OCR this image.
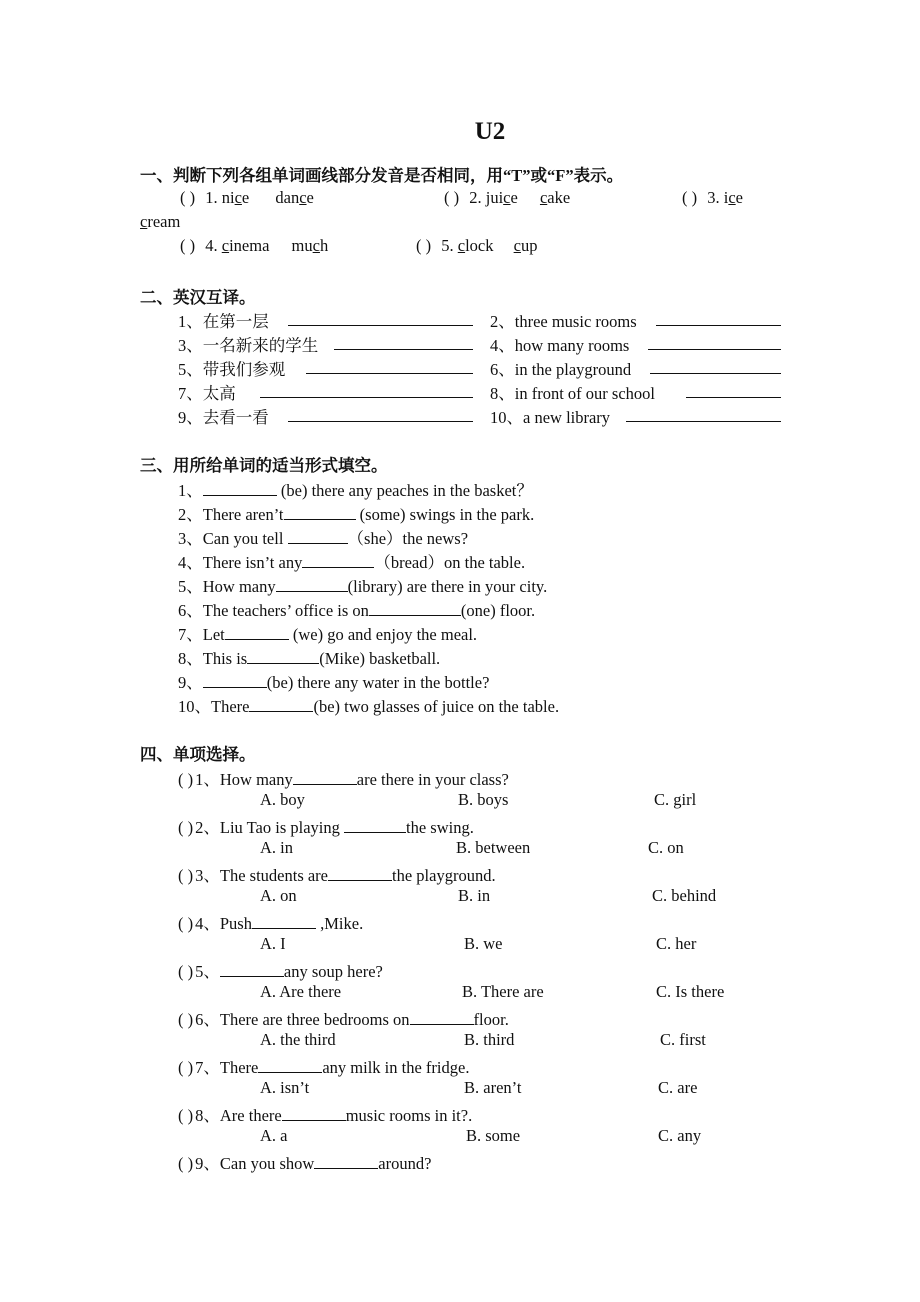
U2
一、判断下列各组单词画线部分发音是否相同，用“T”或“F”表示。
( ) 1. nice dance	( ) 2. juice cake	( ) 3. ice
cream
( ) 4. cinema much	( ) 5. clock cup
二、英汉互译。
1、在第一层	2、three music rooms
3、一名新来的学生	4、how many rooms
5、带我们参观	6、in the playground
7、太高	8、in front of our school
9、去看一看	10、a new library
三、用所给单词的适当形式填空。
1、	(be) there any peaches in the basket？
2、There aren’t	(some) swings in the park.
3、Can you tell	（she）the news?
4、There isn’t any	（bread）on the table.
5、How many	(library) are there in your city.
6、The teachers’ office is on	(one) floor.
7、Let	(we) go and enjoy the meal.
8、This is	(Mike) basketball.
9、	(be) there any water in the bottle?
10、There	(be) two glasses of juice on the table.
四、单项选择。
( ) 1、How many	are there in your class?
A. boy	B. boys	C. girl
( ) 2、Liu Tao is playing	the swing.
A. in	B. between	C. on
( ) 3、The students are	the playground.
A. on	B. in	C. behind
( ) 4、Push	,Mike.
A. I	B. we	C. her
( ) 5、	any soup here?
A. Are there	B. There are	C. Is there
( ) 6、There are three bedrooms on	floor.
A. the third	B. third	C. first
( ) 7、There	any milk in the fridge.
A. isn’t	B. aren’t	C. are
( ) 8、Are there	music rooms in it?.
A. a	B. some	C. any
( ) 9、Can you show	around?
